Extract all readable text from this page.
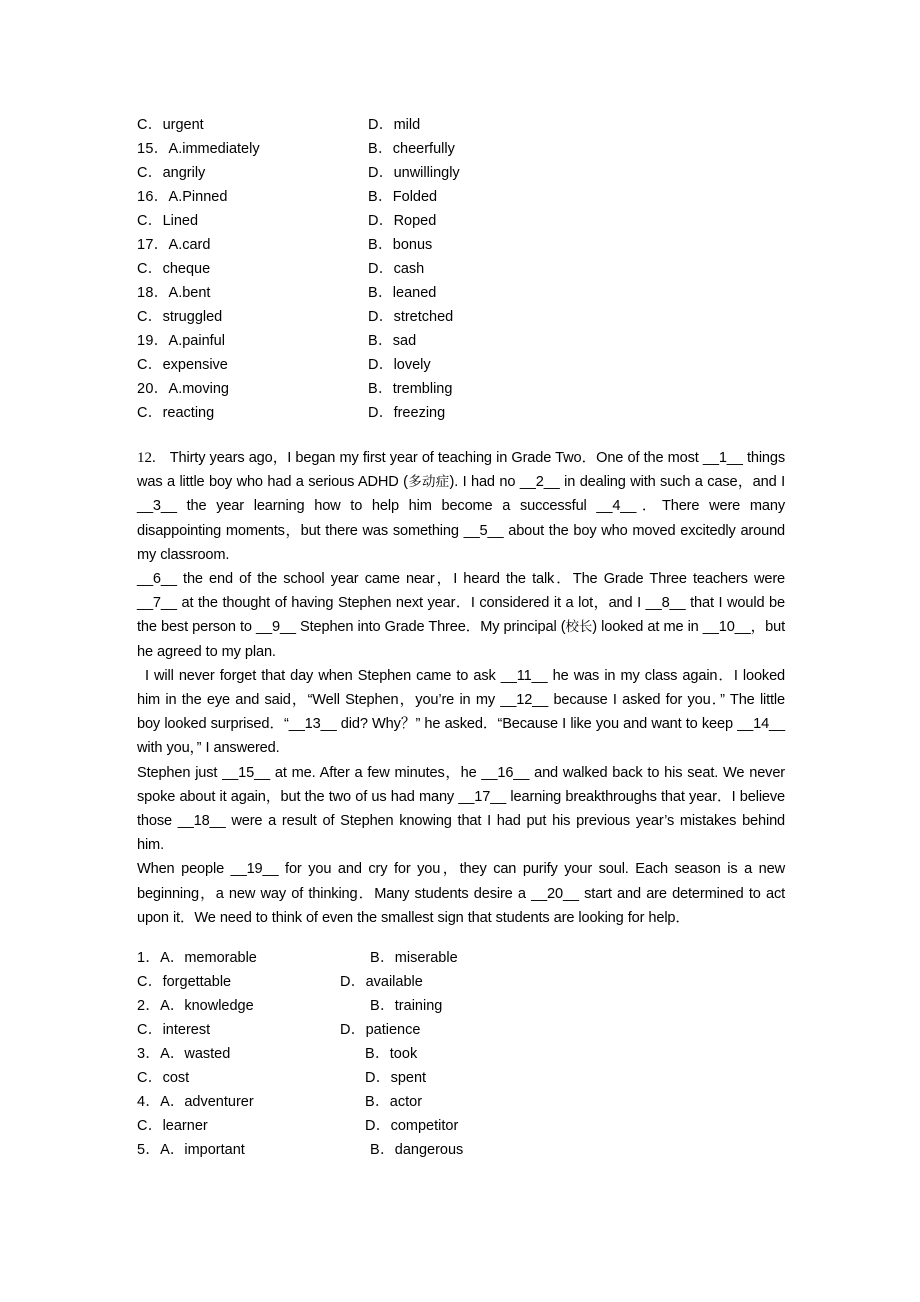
C．urgent	D．mild
15．A.immediately	B．cheerfully
C．angrily	D．unwillingly
16．A.Pinned	B．Folded
C．Lined	D．Roped
17．A.card	B．bonus
C．cheque	D．cash
18．A.bent	B．leaned
C．struggled	D．stretched
19．A.painful	B．sad
C．expensive	D．lovely
20．A.moving	B．trembling
C．reacting	D．freezing

12. Thirty years ago，I began my first year of teaching in Grade Two．One of the most __1__ things was a little boy who had a serious ADHD (多动症). I had no __2__ in dealing with such a case，and I __3__ the year learning how to help him become a successful __4__．There were many disappointing moments，but there was something __5__ about the boy who moved excitedly around my classroom.

__6__ the end of the school year came near，I heard the talk．The Grade Three teachers were __7__ at the thought of having Stephen next year．I considered it a lot，and I __8__ that I would be the best person to __9__ Stephen into Grade Three．My principal (校长) looked at me in __10__，but he agreed to my plan.

I will never forget that day when Stephen came to ask __11__ he was in my class again．I looked him in the eye and said，“Well Stephen，you’re in my __12__ because I asked for you．” The little boy looked surprised．“__13__ did? Why？” he asked．“Because I like you and want to keep __14__ with you，” I answered.

Stephen just __15__ at me. After a few minutes，he __16__ and walked back to his seat. We never spoke about it again，but the two of us had many __17__ learning breakthroughs that year．I believe those __18__ were a result of Stephen knowing that I had put his previous year’s mistakes behind him.

When people __19__ for you and cry for you，they can purify your soul. Each season is a new beginning，a new way of thinking．Many students desire a __20__ start and are determined to act upon it．We need to think of even the smallest sign that students are looking for help．

1．A．memorable	B．miserable
C．forgettable	D．available
2．A．knowledge	B．training
C．interest	D．patience
3．A．wasted	B．took
C．cost	D．spent
4．A．adventurer	B．actor
C．learner	D．competitor
5．A．important	B．dangerous
